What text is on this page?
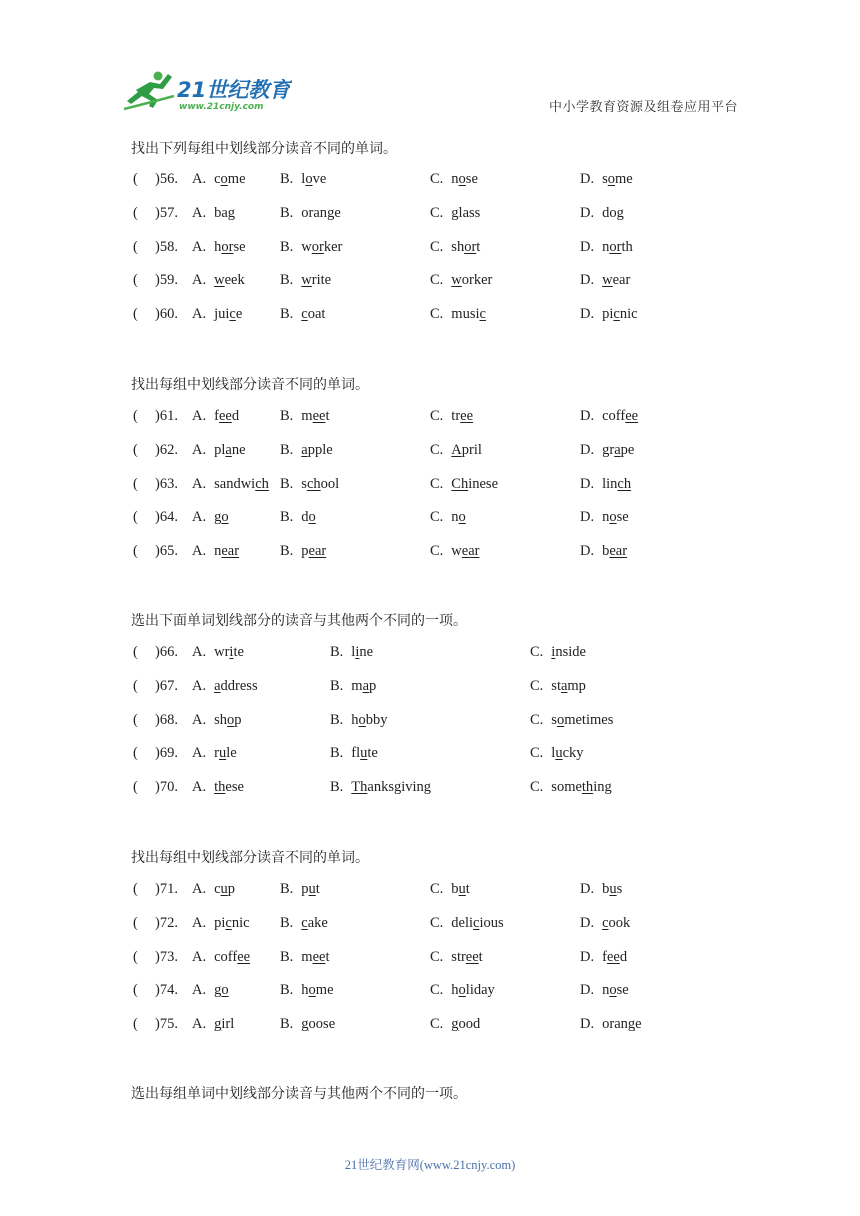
21世纪教育
www.21cnjy.com	中小学教育资源及组卷应用平台
找出下列每组中划线部分读音不同的单词。
( )56. A. come B. love	C. nose	D. some
( )57. A. bag	B. orange	C. glass	D. dog
( )58. A. horse B. worker	C. short	D. north
( )59. A. week B. write	C. worker	D. wear
( )60. A. juice	B. coat	C. music	D. picnic
找出每组中划线部分读音不同的单词。
( )61. A. feed	B. meet	C. tree	D. coffee
( )62. A. plane B. apple	C. April	D. grape
( )63. A. sandwich B. school	C. Chinese	D. linch
( )64. A. go	B. do	C. no	D. nose
( )65. A. near	B. pear	C. wear	D. bear
选出下面单词划线部分的读音与其他两个不同的一项。
( )66. A. write	B. line	C. inside
( )67. A. address	B. map	C. stamp
( )68. A. shop	B. hobby	C. sometimes
( )69. A. rule	B. flute	C. lucky
( )70. A. these	B. Thanksgiving	C. something
找出每组中划线部分读音不同的单词。
( )71. A. cup	B. put	C. but	D. bus
( )72. A. picnic B. cake	C. delicious	D. cook
( )73. A. coffee B. meet	C. street	D. feed
( )74. A. go	B. home	C. holiday	D. nose
( )75. A. girl	B. goose	C. good	D. orange
选出每组单词中划线部分读音与其他两个不同的一项。
21世纪教育网(www.21cnjy.com)
